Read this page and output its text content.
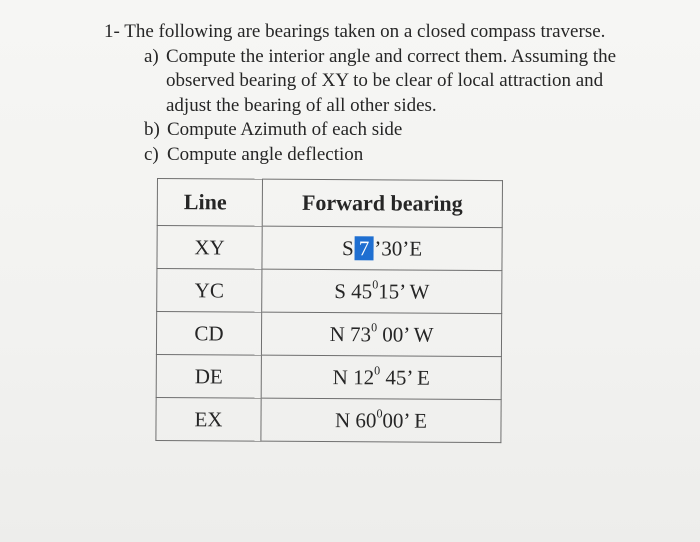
1- The following are bearings taken on a closed compass traverse.

a) Compute the interior angle and correct them. Assuming the
observed bearing of XY to be clear of local attraction and
adjust the bearing of all other sides.
b) Compute Azimuth of each side
c) Compute angle deflection
Line	Forward bearing
XY	S 7 ’30’E
YC	S $45^015$’ W
CD	N $73^0$ 00’ W
DE	N $12^0$ 45’ E
EX	N $60^000$’ E
